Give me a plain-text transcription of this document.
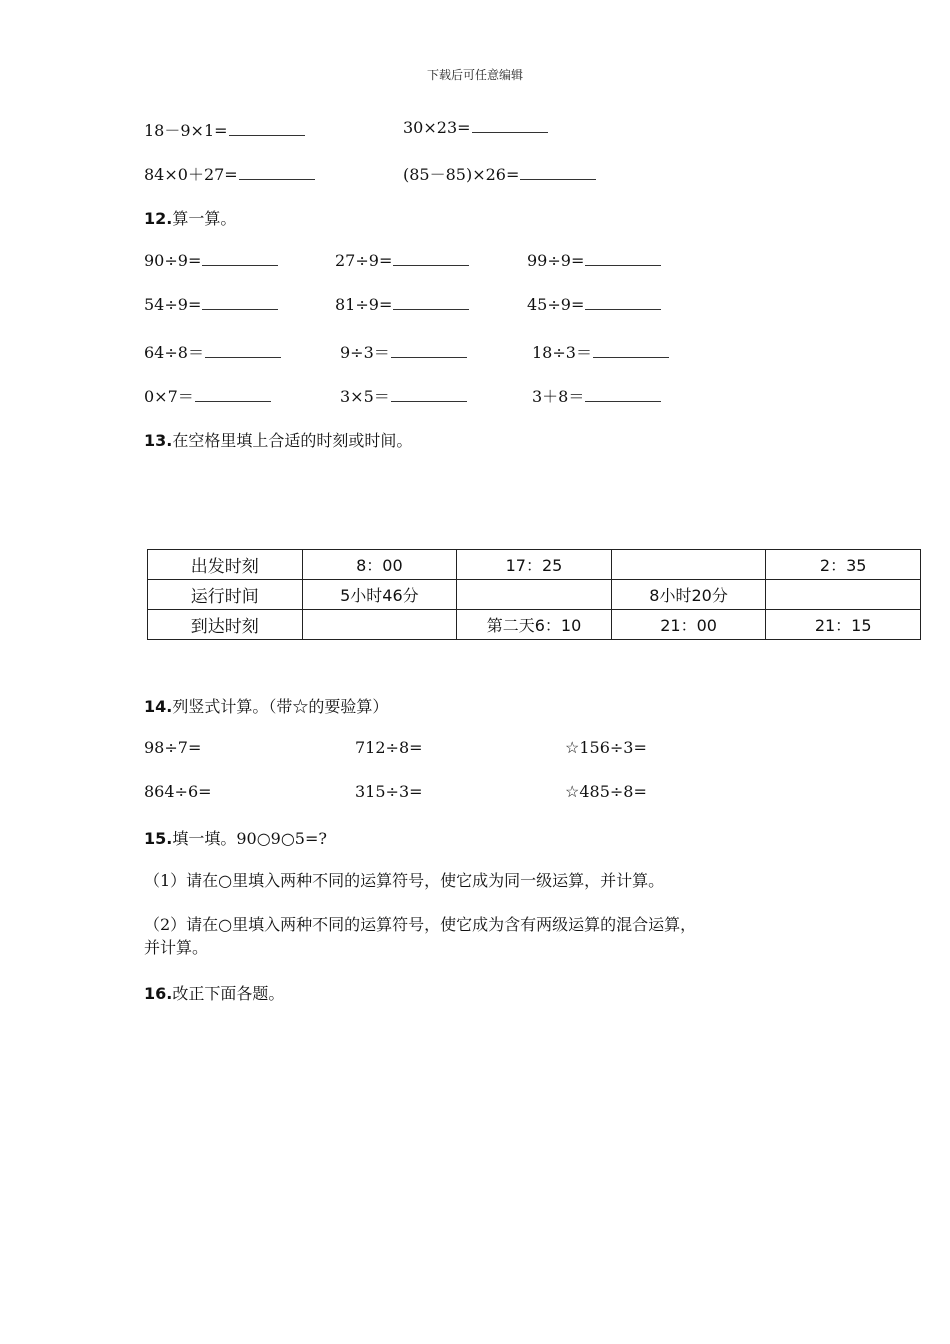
下载后可任意编辑
18－9×1=	30×23=
84×0＋27=	(85－85)×26=
12.算一算。
90÷9=	27÷9=	99÷9=
54÷9=	81÷9=	45÷9=
64÷8＝	9÷3＝	18÷3＝
0×7＝	3×5＝	3＋8＝
13.在空格里填上合适的时刻或时间。
出发时刻	8：00	17：25		2：35
运行时间	5小时46分		8小时20分	
到达时刻		第二天6：10	21：00	21：15
14.列竖式计算。（带☆的要验算）
98÷7=	712÷8=	☆156÷3=
864÷6=	315÷3=	☆485÷8=
15.填一填。90○9○5=?
（1）请在○里填入两种不同的运算符号，使它成为同一级运算，并计算。
（2）请在○里填入两种不同的运算符号，使它成为含有两级运算的混合运算，
并计算。
16.改正下面各题。
